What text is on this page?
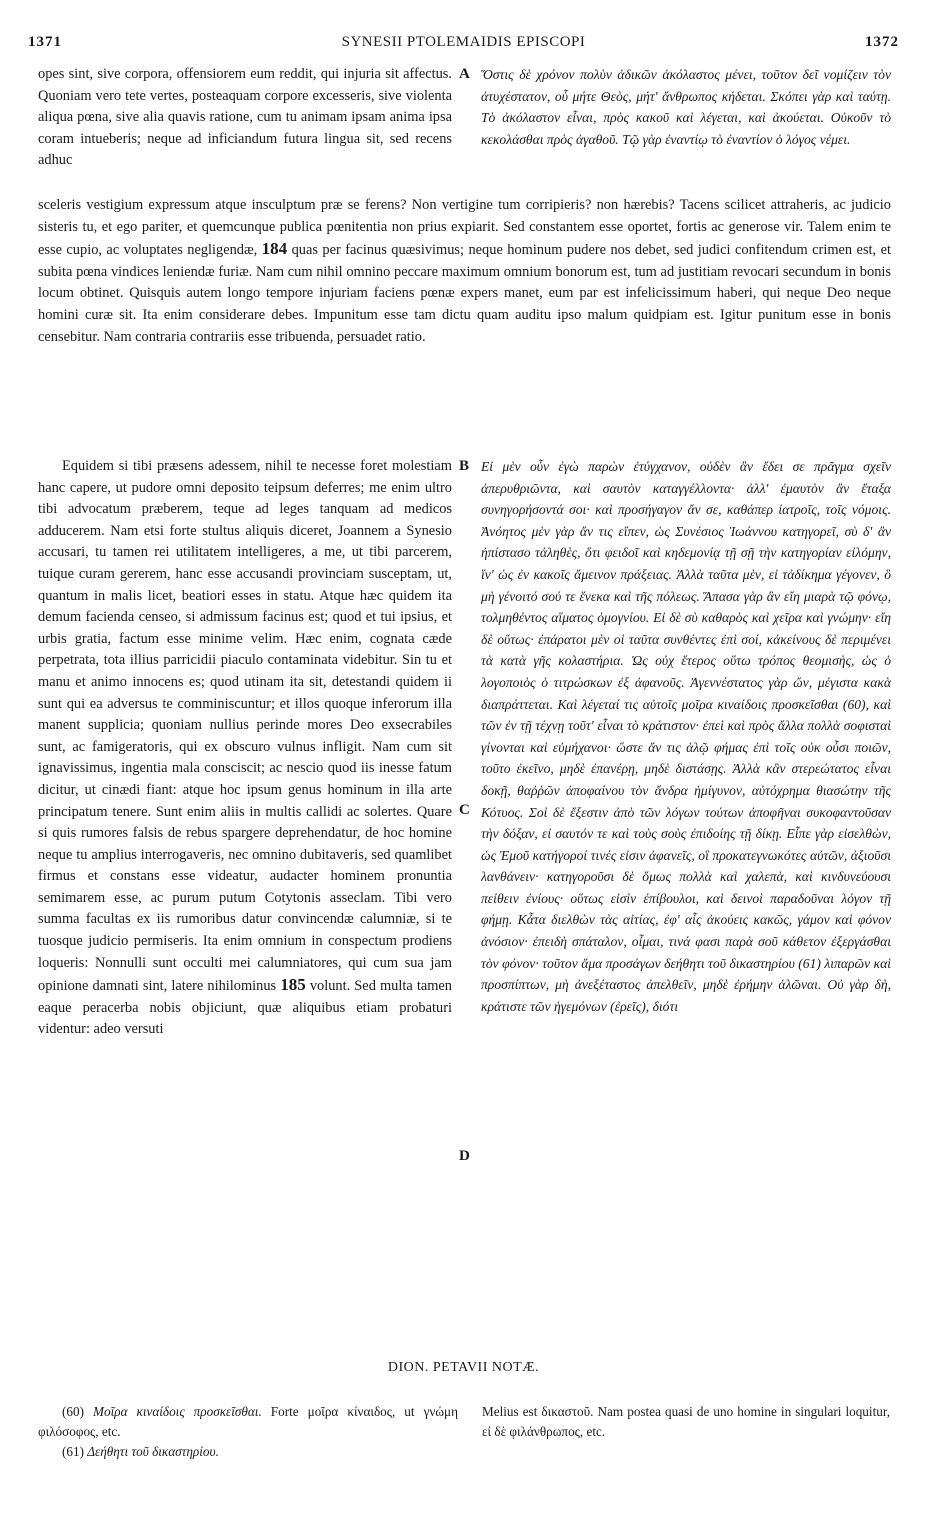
1371	SYNESII PTOLEMAIDIS EPISCOPI	1372

opes sint, sive corpora, offensiorem eum reddit, qui injuria sit affectus. Quoniam vero tete vertes, posteaquam corpore excesseris, sive violenta aliqua pœna, sive alia quavis ratione, cum tu animam ipsam anima ipsa coram intueberis; neque ad inficiandum futura lingua sit, sed recens adhuc

A Ὅστις δὲ χρόνον πολὺν ἀδικῶν ἀκόλαστος μένει, τοῦτον δεῖ νομίζειν τὸν ἀτυχέστατον, οὗ μήτε Θεὸς, μήτ' ἄνθρωπος κήδεται. Σκόπει γὰρ καὶ ταύτῃ. Τὸ ἀκόλαστον εἶναι, πρὸς κακοῦ καὶ λέγεται, καὶ ἀκούεται. Οὐκοῦν τὸ κεκολάσθαι πρὸς ἀγαθοῦ. Τῷ γὰρ ἐναντίῳ τὸ ἐναντίον ὁ λόγος νέμει.

sceleris vestigium expressum atque insculptum præ se ferens? Non vertigine tum corripieris? non hærebis? Tacens scilicet attraheris, ac judicio sisteris tu, et ego pariter, et quemcunque publica pœnitentia non prius expiarit. Sed constantem esse oportet, fortis ac generose vir. Talem enim te esse cupio, ac voluptates negligendæ, 184 quas per facinus quæsivimus; neque hominum pudere nos debet, sed judici confitendum crimen est, et subita pœna vindices leniendæ furiæ. Nam cum nihil omnino peccare maximum omnium bonorum est, tum ad justitiam revocari secundum in bonis locum obtinet. Quisquis autem longo tempore injuriam faciens pœnæ expers manet, eum par est infelicissimum haberi, qui neque Deo neque homini curæ sit. Ita enim considerare debes. Impunitum esse tam dictu quam auditu ipso malum quidpiam est. Igitur punitum esse in bonis censebitur. Nam contraria contrariis esse tribuenda, persuadet ratio.

Equidem si tibi præsens adessem, nihil te necesse foret molestiam hanc capere, ut pudore omni deposito teipsum deferres; me enim ultro tibi advocatum præberem, teque ad leges tanquam ad medicos adducerem. Nam etsi forte stultus aliquis diceret, Joannem a Synesio accusari, tu tamen rei utilitatem intelligeres, a me, ut tibi parcerem, tuique curam gererem, hanc esse accusandi provinciam susceptam, ut, quantum in malis licet, beatiori esses in statu. Atque hæc quidem ita demum facienda censeo, si admissum facinus est; quod et tui ipsius, et urbis gratia, factum esse minime velim. Hæc enim, cognata cæde perpetrata, tota illius parricidii piaculo contaminata videbitur. Sin tu et manu et animo innocens es; quod utinam ita sit, detestandi quidem ii sunt qui ea adversus te comminiscuntur; et illos quoque inferorum illa manent supplicia; quoniam nullius perinde mores Deo exsecrabiles sunt, ac famigeratoris, qui ex obscuro vulnus infligit. Nam cum sit ignavissimus, ingentia mala consciscit; ac nescio quod iis inesse fatum dicitur, ut cinædi fiant: atque hoc ipsum genus hominum in illa arte principatum tenere. Sunt enim aliis in multis callidi ac solertes. Quare si quis rumores falsis de rebus spargere deprehendatur, de hoc homine neque tu amplius interrogaveris, nec omnino dubitaveris, sed quamlibet firmus et constans esse videatur, audacter hominem pronuntia semimarem esse, ac purum putum Cotytonis asseclam. Tibi vero summa facultas ex iis rumoribus datur convincendæ calumniæ, si te tuosque judicio permiseris. Ita enim omnium in conspectum prodiens loqueris: Nonnulli sunt occulti mei calumniatores, qui cum sua jam opinione damnati sint, latere nihilominus 185 volunt. Sed multa tamen eaque peracerba nobis objiciunt, quæ aliquibus etiam probaturi videntur: adeo versuti

B
C
D

Εἰ μὲν οὖν ἐγὼ παρὼν ἐτύγχανον, οὐδὲν ἂν ἔδει σε πρᾶγμα σχεῖν ἀπερυθριῶντα, καὶ σαυτὸν καταγγέλλοντα· ἀλλ' ἐμαυτὸν ἂν ἔταξα συνηγορήσοντά σοι· καὶ προσήγαγον ἄν σε, καθάπερ ἰατροῖς, τοῖς νόμοις. Ἀνόητος μὲν γὰρ ἄν τις εἴπεν, ὡς Συνέσιος Ἰωάννου κατηγορεῖ, σὺ δ' ἂν ἠπίστασο τἀληθὲς, ὅτι φειδοῖ καὶ κηδεμονίᾳ τῇ σῇ τὴν κατηγορίαν εἰλόμην, ἵν' ὡς ἐν κακοῖς ἄμεινον πράξειας. Ἀλλὰ ταῦτα μὲν, εἰ τἀδίκημα γέγονεν, ὃ μὴ γένοιτό σού τε ἕνεκα καὶ τῆς πόλεως. Ἅπασα γὰρ ἂν εἴη μιαρὰ τῷ φόνῳ, τολμηθέντος αἵματος ὁμογνίου. Εἰ δὲ σὺ καθαρὸς καὶ χεῖρα καὶ γνώμην· εἴη δὲ οὕτως· ἐπάρατοι μὲν οἱ ταῦτα συνθέντες ἐπὶ σοί, κἀκείνους δὲ περιμένει τὰ κατὰ γῆς κολαστήρια. Ὡς οὐχ ἕτερος οὕτω τρόπος θεομισὴς, ὡς ὁ λογοποιὸς ὁ τιτρώσκων ἐξ ἀφανοῦς. Ἀγεννέστατος γὰρ ὤν, μέγιστα κακὰ διαπράττεται. Καὶ λέγεταί τις αὐτοῖς μοῖρα κιναίδοις προσκεῖσθαι (60), καὶ τῶν ἐν τῇ τέχνῃ τοῦτ' εἶναι τὸ κράτιστον· ἐπεὶ καὶ πρὸς ἄλλα πολλὰ σοφισταὶ γίνονται καὶ εὐμήχανοι· ὥστε ἄν τις ἁλῷ φήμας ἐπὶ τοῖς οὐκ οὖσι ποιῶν, τοῦτο ἐκεῖνο, μηδὲ ἐπανέρῃ, μηδὲ διστάσῃς. Ἀλλὰ κἂν στερεώτατος εἶναι δοκῇ, θαῤῥῶν ἀποφαίνου τὸν ἄνδρα ἡμίγυνον, αὐτόχρημα θιασώτην τῆς Κότυος. Σοὶ δὲ ἔξεστιν ἀπὸ τῶν λόγων τούτων ἀποφῆναι συκοφαντοῦσαν τὴν δόξαν, εἰ σαυτόν τε καὶ τοὺς σοὺς ἐπιδοίης τῇ δίκῃ. Εἶπε γὰρ εἰσελθὼν, ὡς Ἐμοῦ κατήγοροί τινές εἰσιν ἀφανεῖς, οἳ προκατεγνωκότες αὐτῶν, ἀξιοῦσι λανθάνειν· κατηγοροῦσι δὲ ὅμως πολλὰ καὶ χαλεπὰ, καὶ κινδυνεύουσι πείθειν ἐνίους· οὕτως εἰσὶν ἐπίβουλοι, καὶ δεινοὶ παραδοῦναι λόγον τῇ φήμῃ. Κἆτα διελθὼν τὰς αἰτίας, ἐφ' αἷς ἀκούεις κακῶς, γάμον καὶ φόνον ἀνόσιον· ἐπειδὴ σπάταλον, οἶμαι, τινά φασι παρὰ σοῦ κάθετον ἐξεργάσθαι τὸν φόνον· τοῦτον ἅμα προσάγων δεήθητι τοῦ δικαστηρίου (61) λιπαρῶν καὶ προσπίπτων, μὴ ἀνεξέταστος ἀπελθεῖν, μηδὲ ἐρήμην ἁλῶναι. Οὐ γὰρ δὴ, κράτιστε τῶν ἡγεμόνων (ἐρεῖς), διότι

DION. PETAVII NOTÆ.

(60) Μοῖρα κιναίδοις προσκεῖσθαι. Forte μοῖρα κίναιδος, ut γνώμη φιλόσοφος, etc.

(61) Δεήθητι τοῦ δικαστηρίου.

Melius est δικαστοῦ. Nam postea quasi de uno homine in singulari loquitur, εἰ δὲ φιλάνθρωπος, etc.
